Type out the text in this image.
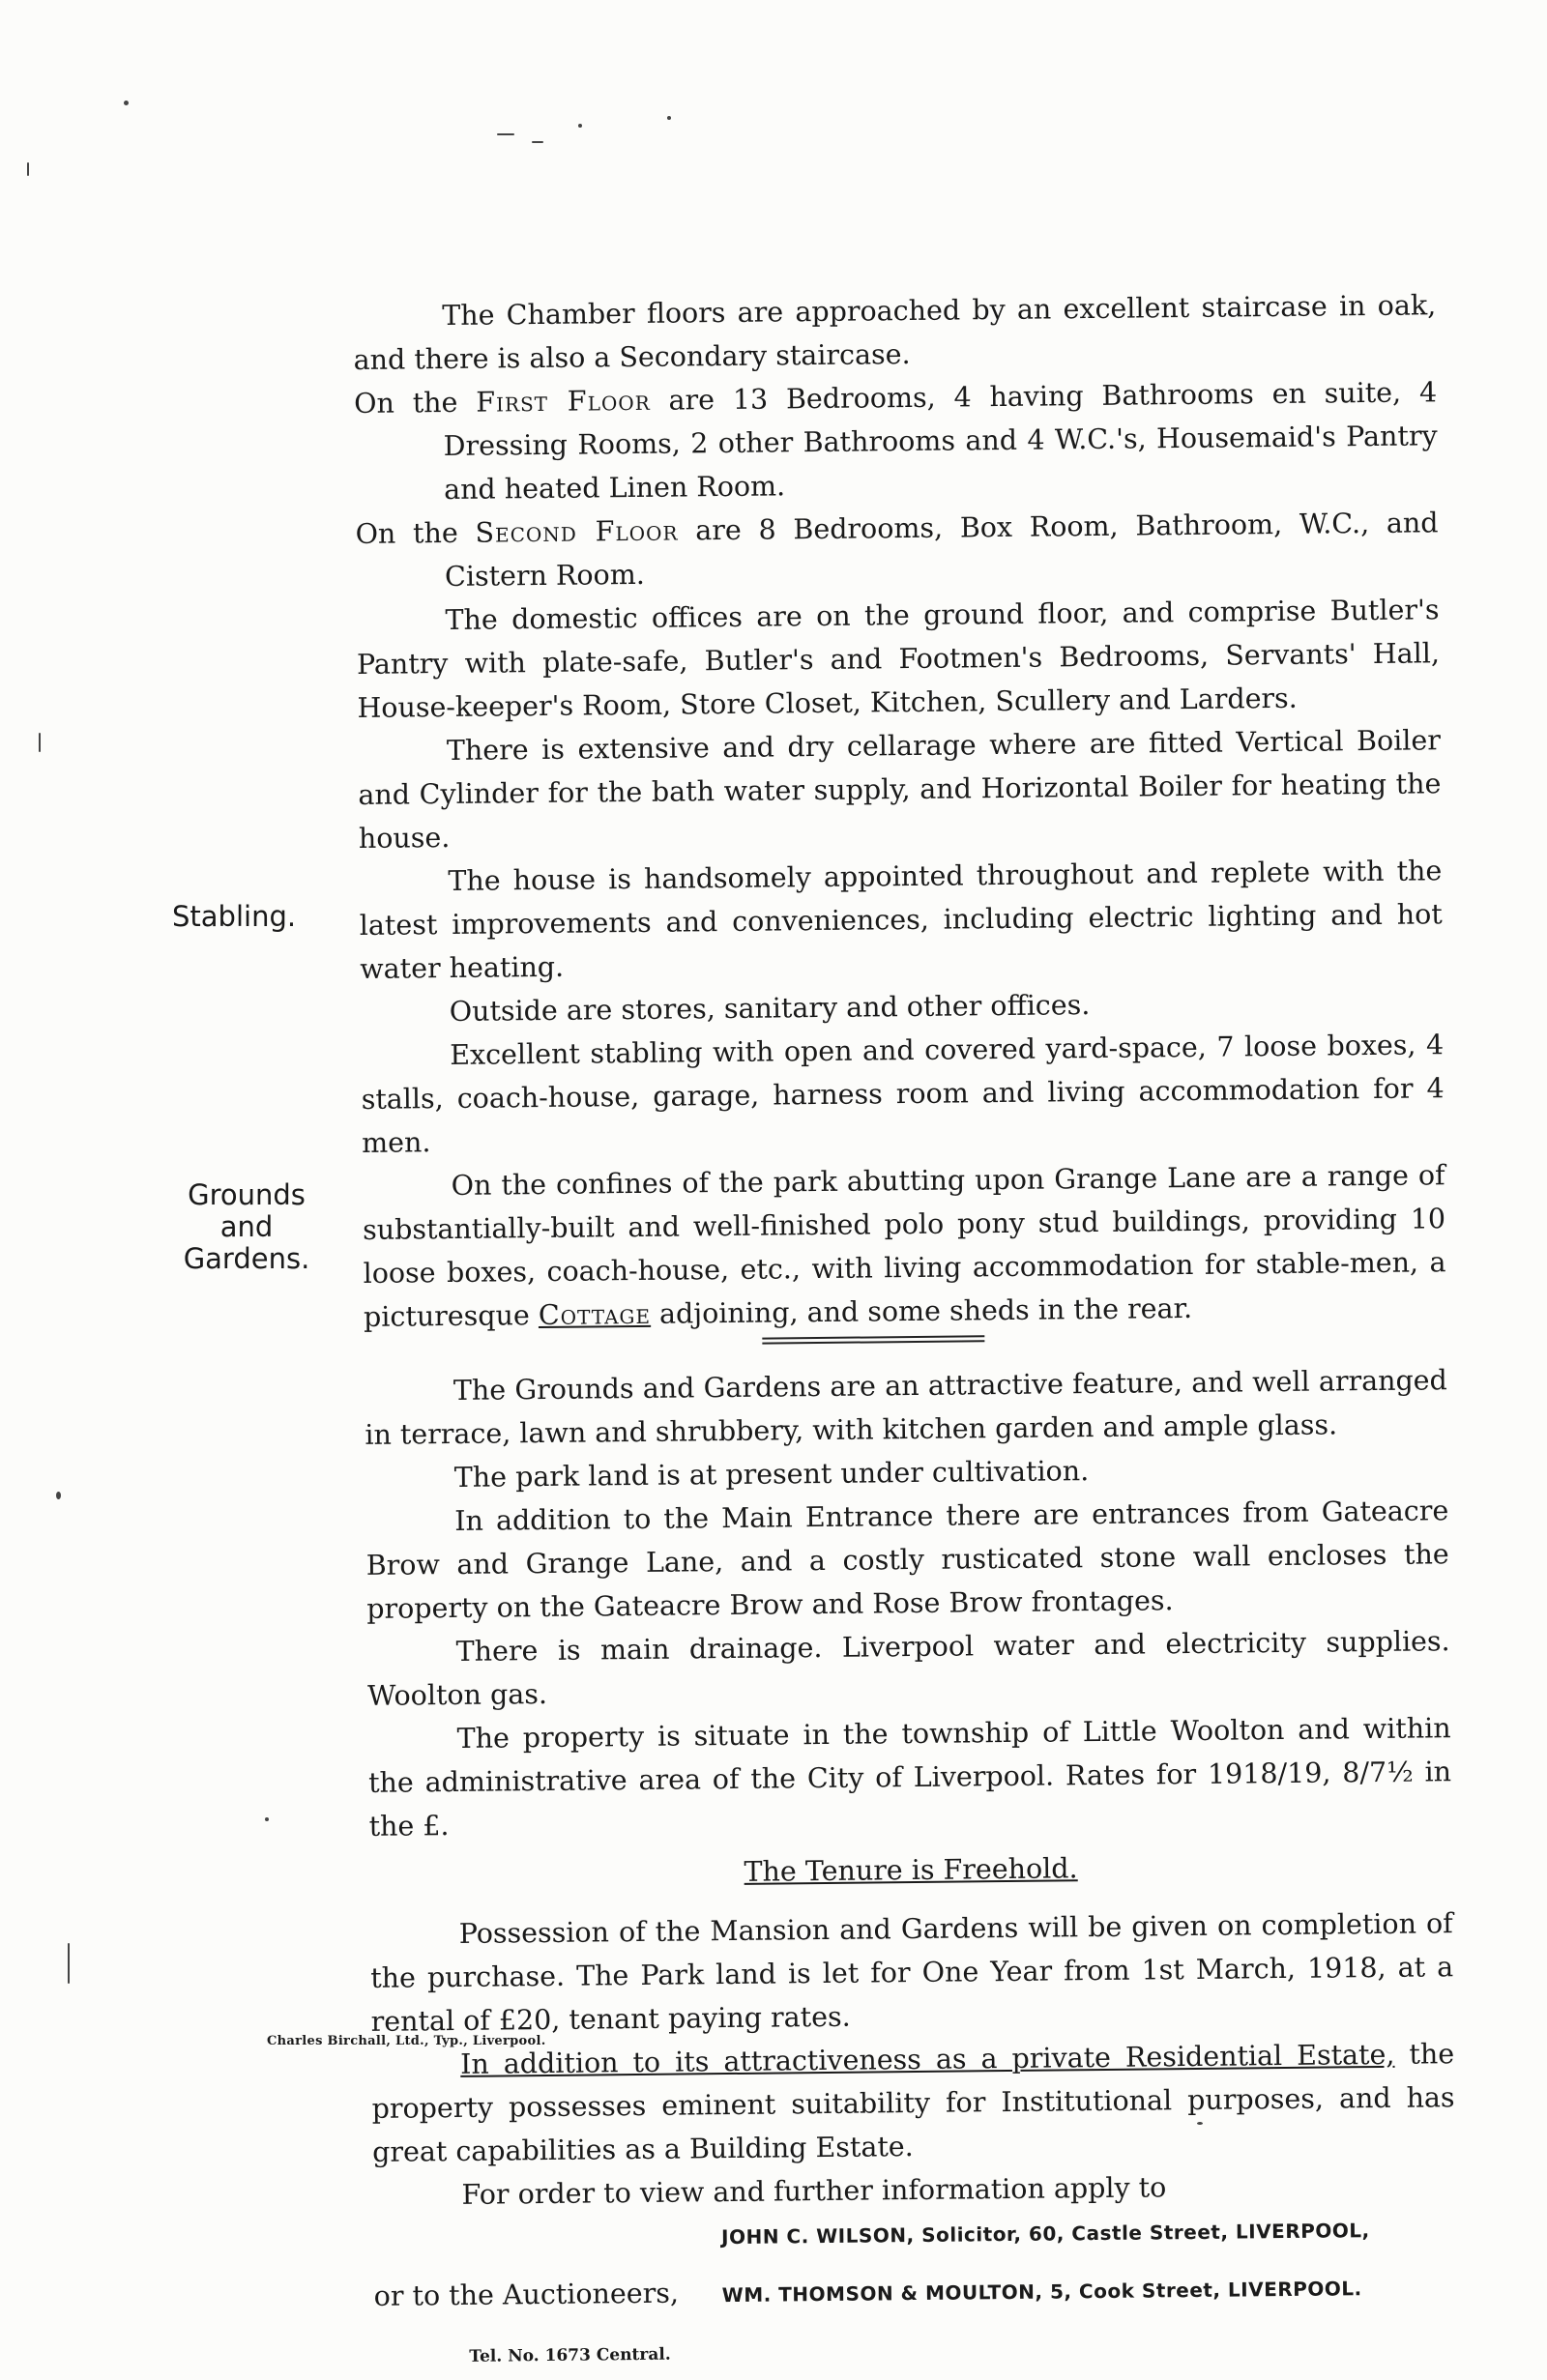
Stabling.
Grounds
and
Gardens.

The Chamber floors are approached by an excellent staircase in oak, and there is also a Secondary staircase.

On the First Floor are 13 Bedrooms, 4 having Bathrooms en suite, 4 Dressing Rooms, 2 other Bathrooms and 4 W.C.'s, Housemaid's Pantry and heated Linen Room.

On the Second Floor are 8 Bedrooms, Box Room, Bathroom, W.C., and Cistern Room.

The domestic offices are on the ground floor, and comprise Butler's Pantry with plate-safe, Butler's and Footmen's Bedrooms, Servants' Hall, House-keeper's Room, Store Closet, Kitchen, Scullery and Larders.

There is extensive and dry cellarage where are fitted Vertical Boiler and Cylinder for the bath water supply, and Horizontal Boiler for heating the house.

The house is handsomely appointed throughout and replete with the latest improvements and conveniences, including electric lighting and hot water heating.

Outside are stores, sanitary and other offices.

Excellent stabling with open and covered yard-space, 7 loose boxes, 4 stalls, coach-house, garage, harness room and living accommodation for 4 men.

On the confines of the park abutting upon Grange Lane are a range of substantially-built and well-finished polo pony stud buildings, providing 10 loose boxes, coach-house, etc., with living accommodation for stable-men, a picturesque Cottage adjoining, and some sheds in the rear.

The Grounds and Gardens are an attractive feature, and well arranged in terrace, lawn and shrubbery, with kitchen garden and ample glass.

The park land is at present under cultivation.

In addition to the Main Entrance there are entrances from Gateacre Brow and Grange Lane, and a costly rusticated stone wall encloses the property on the Gateacre Brow and Rose Brow frontages.

There is main drainage. Liverpool water and electricity supplies. Woolton gas.

The property is situate in the township of Little Woolton and within the administrative area of the City of Liverpool. Rates for 1918/19, 8/7½ in the £.

The Tenure is Freehold.

Possession of the Mansion and Gardens will be given on completion of the purchase. The Park land is let for One Year from 1st March, 1918, at a rental of £20, tenant paying rates.

In addition to its attractiveness as a private Residential Estate, the property possesses eminent suitability for Institutional purposes, and has great capabilities as a Building Estate.

For order to view and further information apply to

JOHN C. WILSON, Solicitor, 60, Castle Street, LIVERPOOL,
or to the Auctioneers,	WM. THOMSON & MOULTON, 5, Cook Street, LIVERPOOL.
Tel. No. 1673 Central.
Charles Birchall, Ltd., Typ., Liverpool.
